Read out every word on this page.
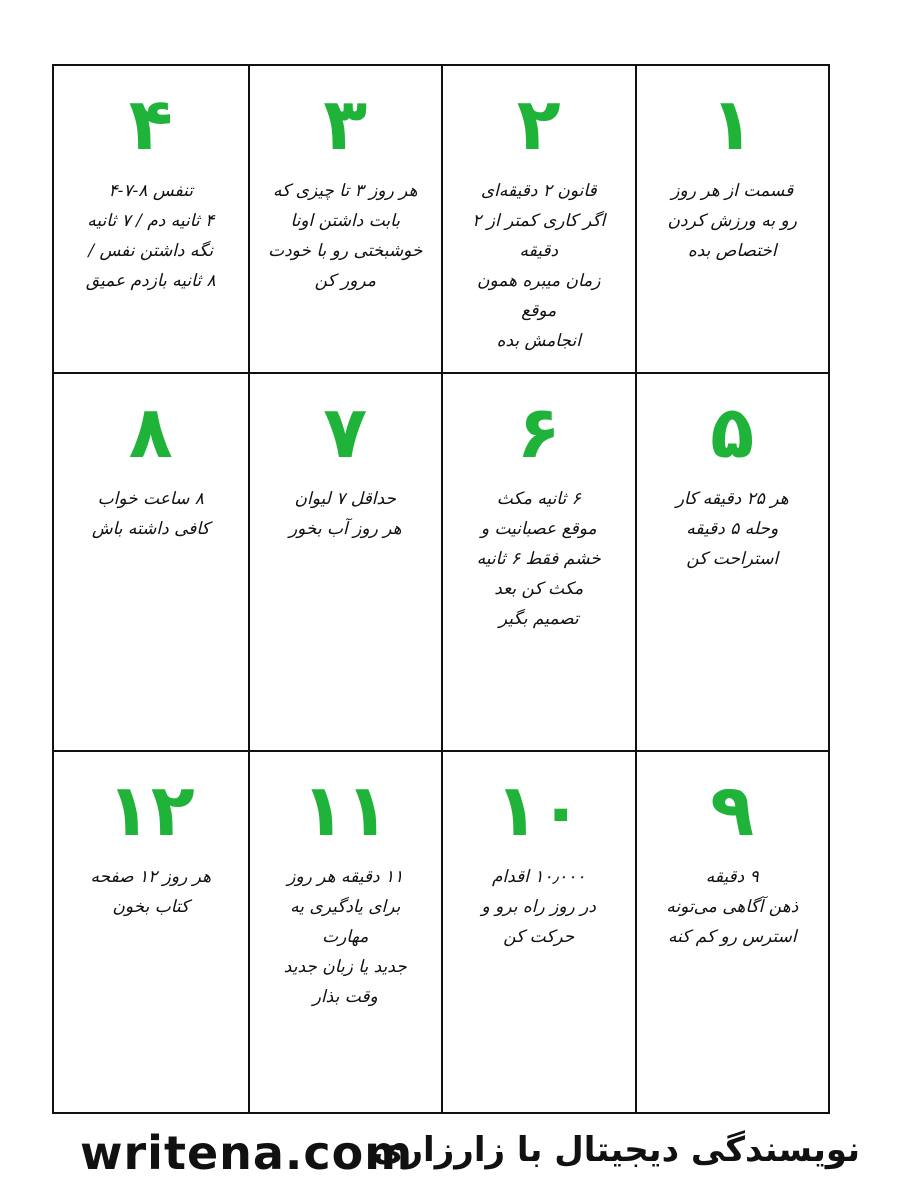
۱
قسمت از هر روز
رو به ورزش کردن
اختصاص بده
۲
قانون ۲ دقیقه‌ای
اگر کاری کمتر از ۲ دقیقه
زمان میبره همون موقع
انجامش بده
۳
هر روز ۳ تا چیزی که
بابت داشتن اونا
خوشبختی رو با خودت
مرور کن
۴
تنفس ۸-۷-۴
۴ ثانیه دم / ۷ ثانیه
نگه داشتن نفس /
۸ ثانیه بازدم عمیق
۵
هر ۲۵ دقیقه کار
وحله ۵ دقیقه
استراحت کن
۶
۶ ثانیه مکث
موقع عصبانیت و
خشم فقط ۶ ثانیه
مکث کن بعد
تصمیم بگیر
۷
حداقل ۷ لیوان
هر روز آب بخور
۸
۸ ساعت خواب
کافی داشته باش
۹
۹ دقیقه
ذهن آگاهی می‌تونه
استرس رو کم کنه
۱۰
۱۰٫۰۰۰ اقدام
در روز راه برو و
حرکت کن
۱۱
۱۱ دقیقه هر روز
برای یادگیری یه مهارت
جدید یا زبان جدید
وقت بذار
۱۲
هر روز ۱۲ صفحه
کتاب بخون
writena.com
نویسندگی دیجیتال با زارزاری
